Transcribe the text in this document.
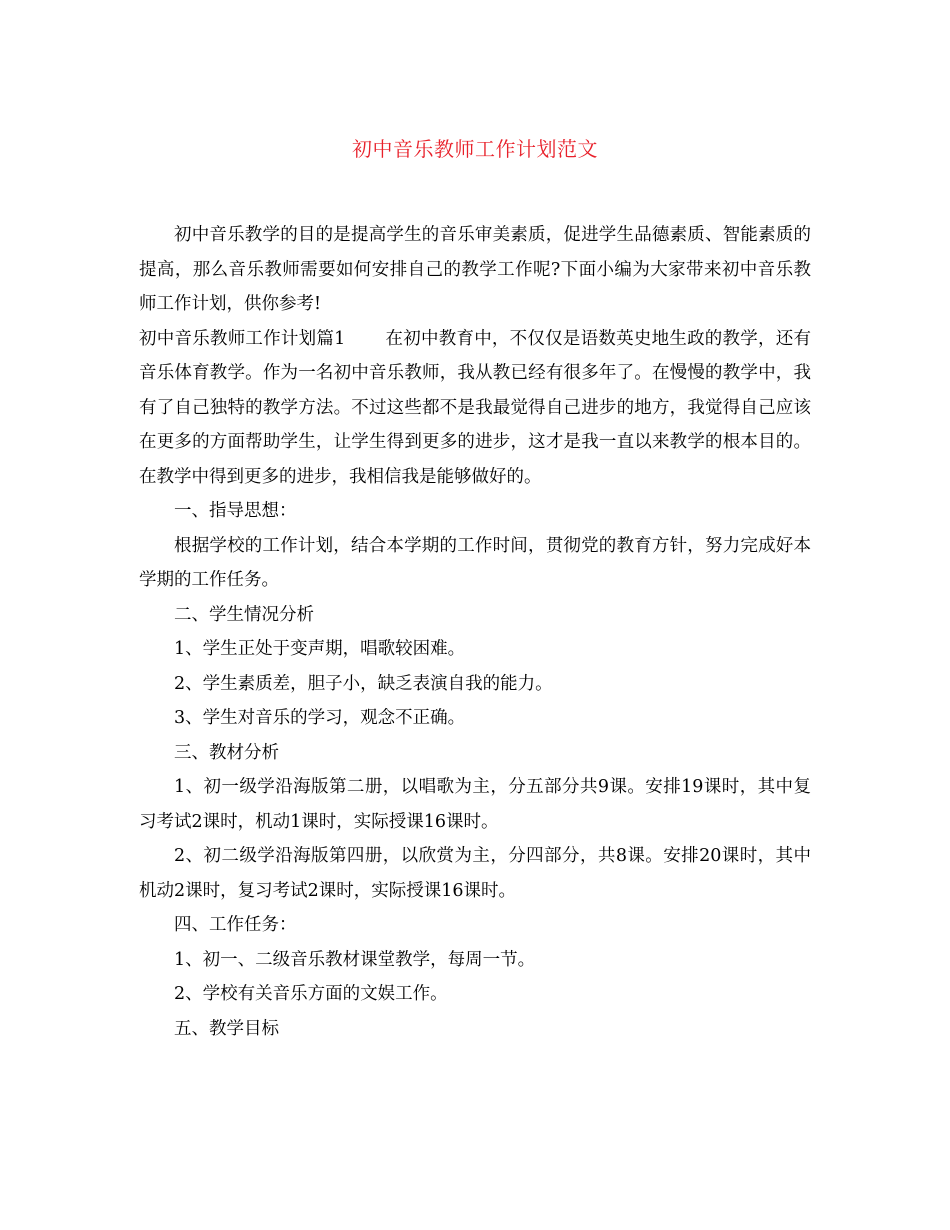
初中音乐教师工作计划范文

初中音乐教学的目的是提高学生的音乐审美素质，促进学生品德素质、智能素质的提高，那么音乐教师需要如何安排自己的教学工作呢?下面小编为大家带来初中音乐教师工作计划，供你参考!

初中音乐教师工作计划篇1 在初中教育中，不仅仅是语数英史地生政的教学，还有音乐体育教学。作为一名初中音乐教师，我从教已经有很多年了。在慢慢的教学中，我有了自己独特的教学方法。不过这些都不是我最觉得自己进步的地方，我觉得自己应该在更多的方面帮助学生，让学生得到更多的进步，这才是我一直以来教学的根本目的。在教学中得到更多的进步，我相信我是能够做好的。

一、指导思想：

根据学校的工作计划，结合本学期的工作时间，贯彻党的教育方针，努力完成好本学期的工作任务。

二、学生情况分析

1、学生正处于变声期，唱歌较困难。

2、学生素质差，胆子小，缺乏表演自我的能力。

3、学生对音乐的学习，观念不正确。

三、教材分析

1、初一级学沿海版第二册，以唱歌为主，分五部分共9课。安排19课时，其中复习考试2课时，机动1课时，实际授课16课时。

2、初二级学沿海版第四册，以欣赏为主，分四部分，共8课。安排20课时，其中机动2课时，复习考试2课时，实际授课16课时。

四、工作任务：

1、初一、二级音乐教材课堂教学，每周一节。

2、学校有关音乐方面的文娱工作。

五、教学目标
